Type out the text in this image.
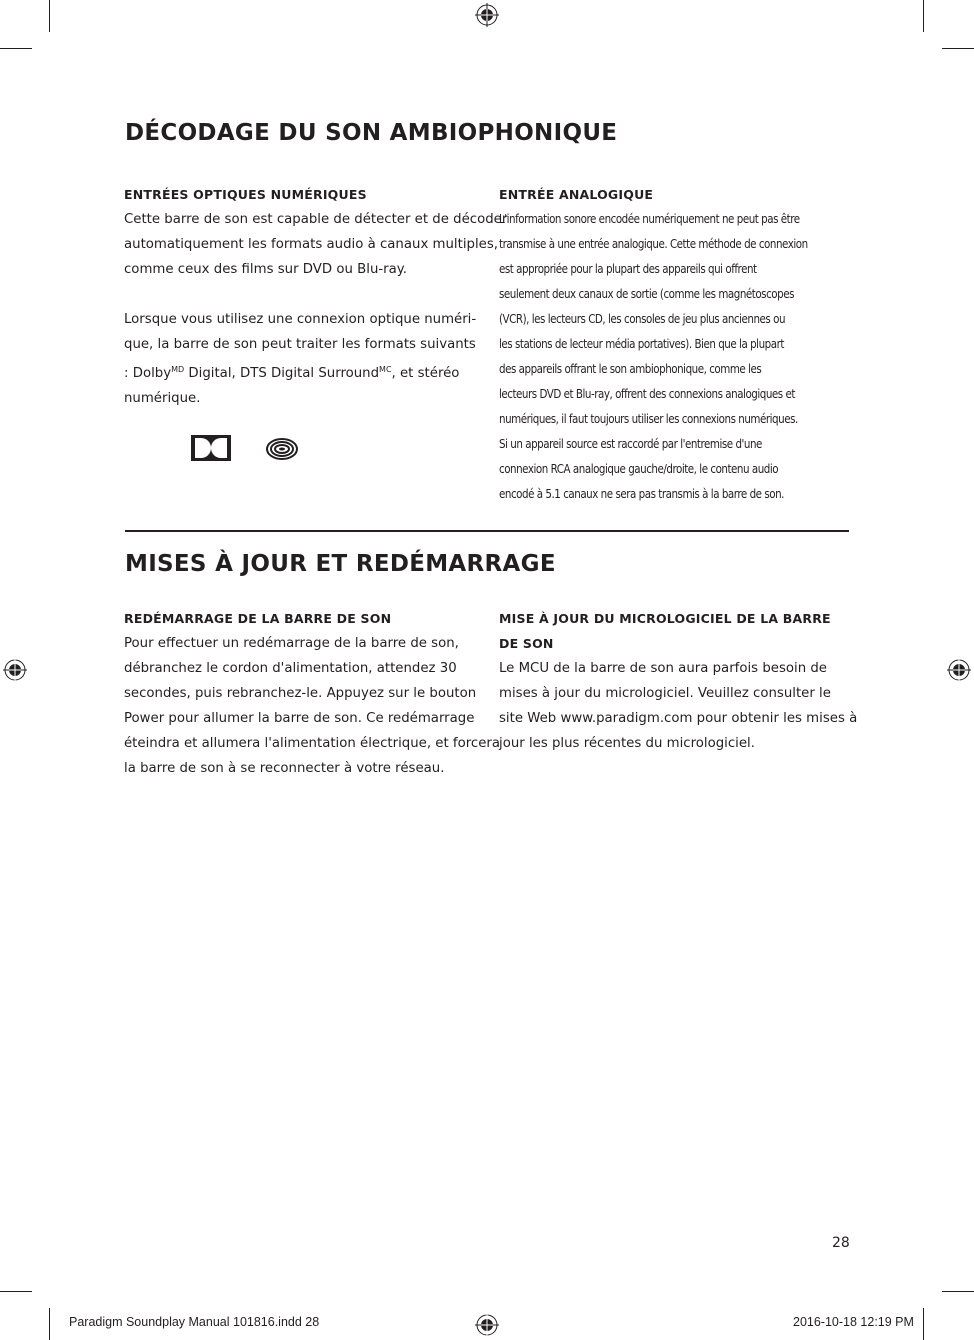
DÉCODAGE DU SON AMBIOPHONIQUE
ENTRÉES OPTIQUES NUMÉRIQUES
Cette barre de son est capable de détecter et de décoder
automatiquement les formats audio à canaux multiples,
comme ceux des films sur DVD ou Blu-ray.

Lorsque vous utilisez une connexion optique numéri-
que, la barre de son peut traiter les formats suivants
: Dolby$^{MD}$ Digital, DTS Digital Surround$^{MC}$, et stéréo
numérique.
ENTRÉE ANALOGIQUE
L'information sonore encodée numériquement ne peut pas être
transmise à une entrée analogique. Cette méthode de connexion
est appropriée pour la plupart des appareils qui offrent
seulement deux canaux de sortie (comme les magnétoscopes
(VCR), les lecteurs CD, les consoles de jeu plus anciennes ou
les stations de lecteur média portatives). Bien que la plupart
des appareils offrant le son ambiophonique, comme les
lecteurs DVD et Blu-ray, offrent des connexions analogiques et
numériques, il faut toujours utiliser les connexions numériques.
Si un appareil source est raccordé par l'entremise d'une
connexion RCA analogique gauche/droite, le contenu audio
encodé à 5.1 canaux ne sera pas transmis à la barre de son.
MISES À JOUR ET REDÉMARRAGE
REDÉMARRAGE DE LA BARRE DE SON
Pour effectuer un redémarrage de la barre de son,
débranchez le cordon d'alimentation, attendez 30
secondes, puis rebranchez-le. Appuyez sur le bouton
Power pour allumer la barre de son. Ce redémarrage
éteindra et allumera l'alimentation électrique, et forcera
la barre de son à se reconnecter à votre réseau.
MISE À JOUR DU MICROLOGICIEL DE LA BARRE
DE SON
Le MCU de la barre de son aura parfois besoin de
mises à jour du micrologiciel. Veuillez consulter le
site Web www.paradigm.com pour obtenir les mises à
jour les plus récentes du micrologiciel.
28
Paradigm Soundplay Manual 101816.indd 28	2016-10-18 12:19 PM
